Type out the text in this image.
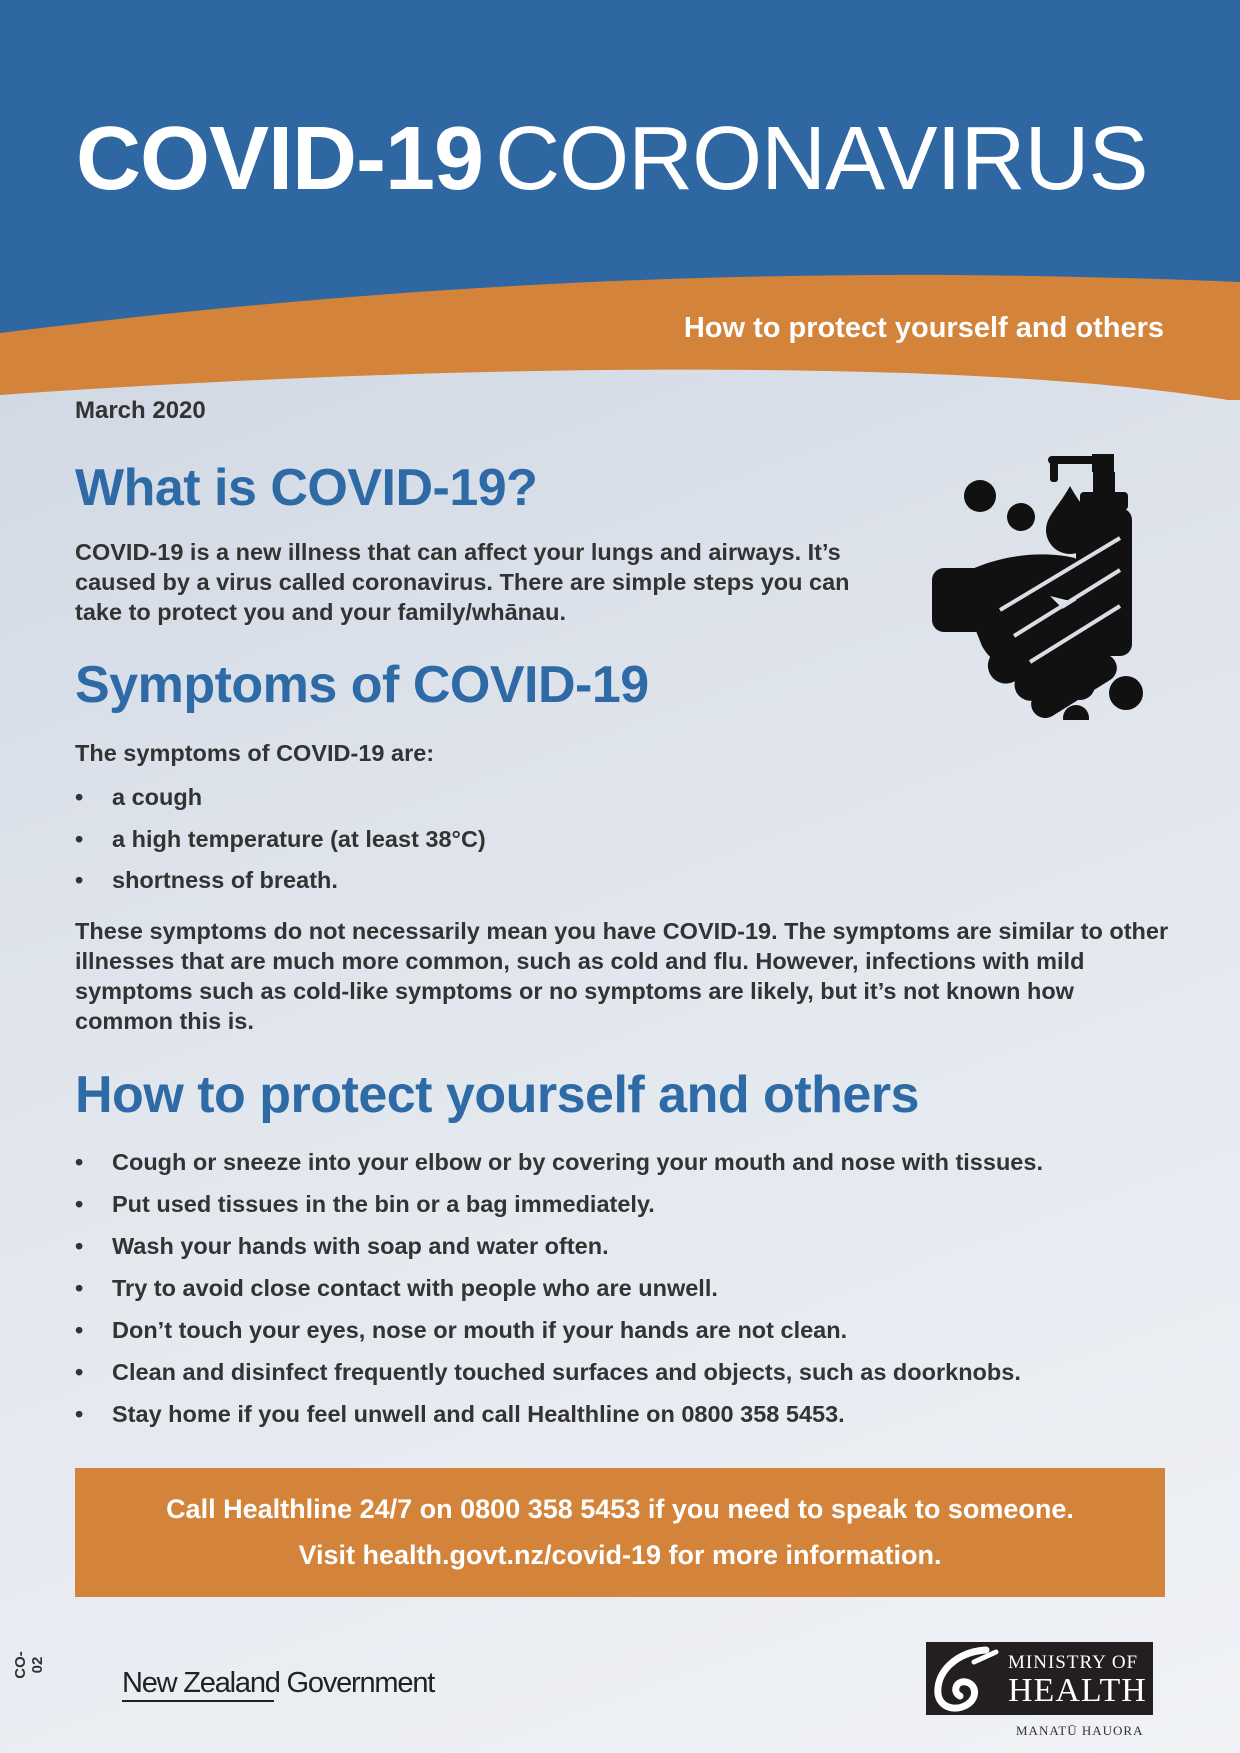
COVID-19 CORONAVIRUS
How to protect yourself and others
March 2020
What is COVID-19?

COVID-19 is a new illness that can affect your lungs and airways. It’s caused by a virus called coronavirus. There are simple steps you can take to protect you and your family/whānau.

Symptoms of COVID-19

The symptoms of COVID-19 are:

• a cough
• a high temperature (at least 38°C)
• shortness of breath.

These symptoms do not necessarily mean you have COVID-19. The symptoms are similar to other illnesses that are much more common, such as cold and flu. However, infections with mild symptoms such as cold-like symptoms or no symptoms are likely, but it’s not known how common this is.

How to protect yourself and others
• Cough or sneeze into your elbow or by covering your mouth and nose with tissues.
• Put used tissues in the bin or a bag immediately.
• Wash your hands with soap and water often.
• Try to avoid close contact with people who are unwell.
• Don’t touch your eyes, nose or mouth if your hands are not clean.
• Clean and disinfect frequently touched surfaces and objects, such as doorknobs.
• Stay home if you feel unwell and call Healthline on 0800 358 5453.
Call Healthline 24/7 on 0800 358 5453 if you need to speak to someone.
Visit health.govt.nz/covid-19 for more information.
CO-02
New Zealand Government
MINISTRY OF
HEALTH
MANATŪ HAUORA
